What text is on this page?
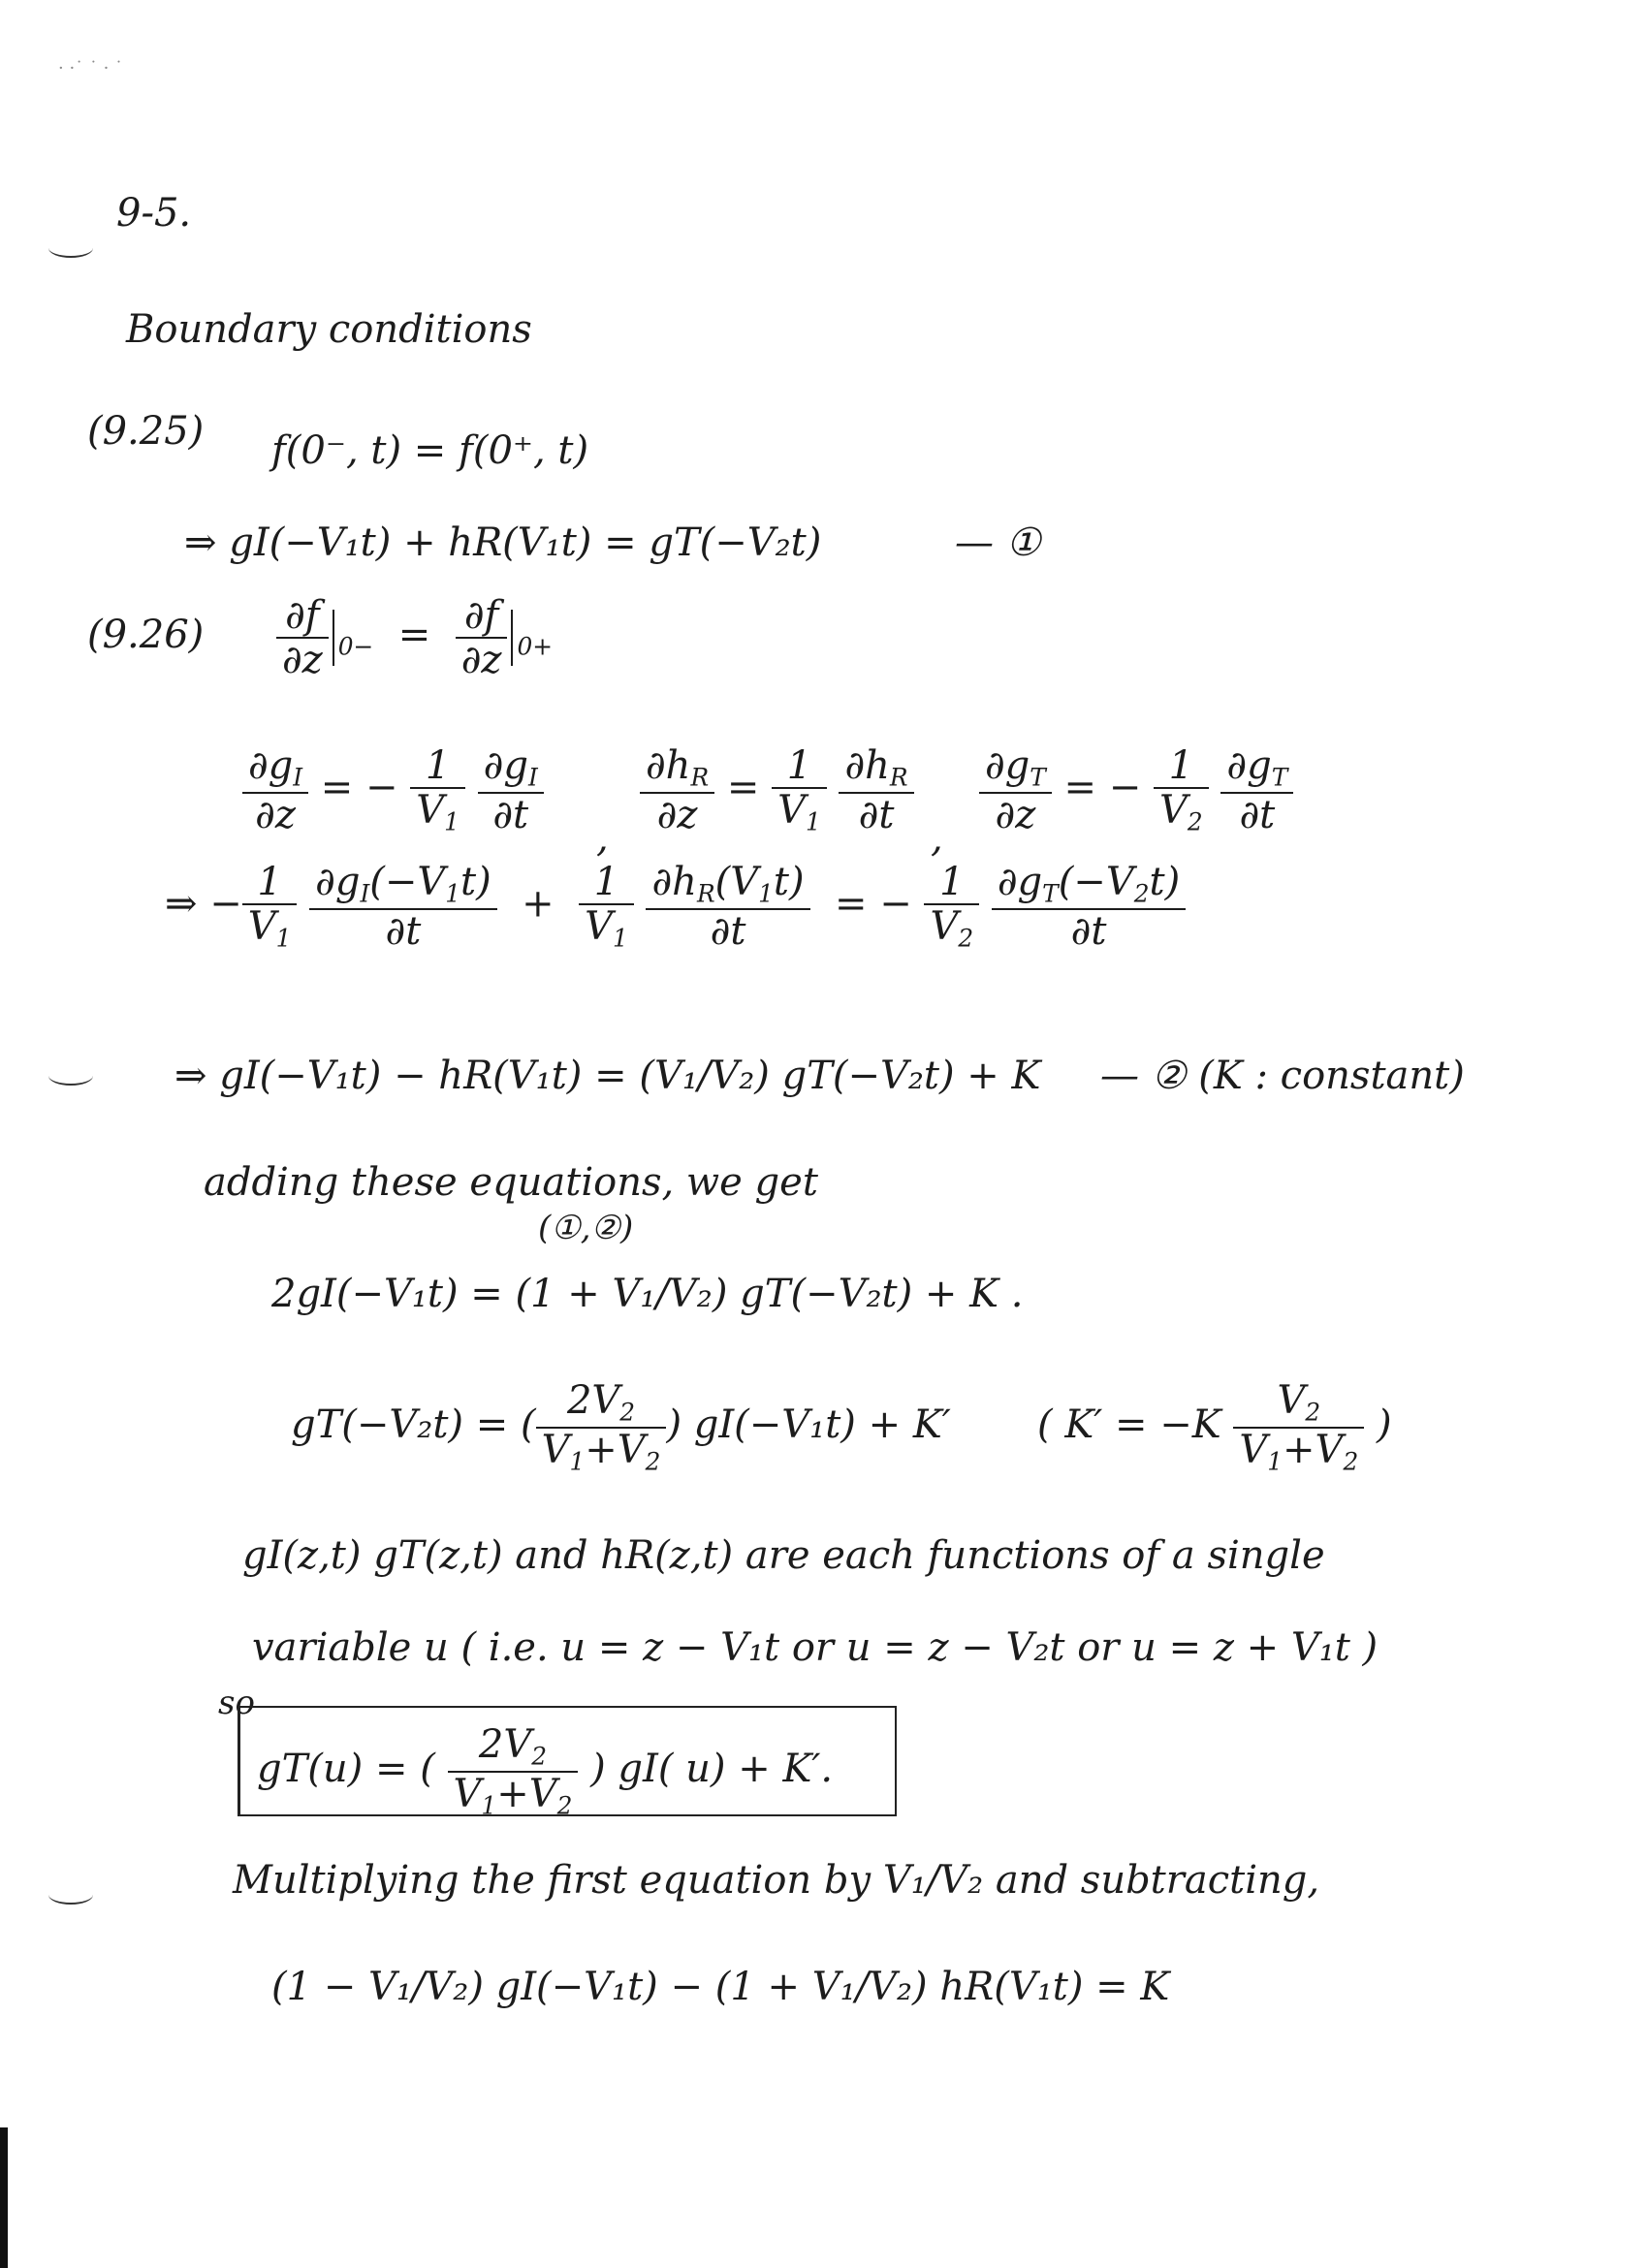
· ·˙ ˙ · ˙
9-5.
Boundary conditions
(9.25) f(0⁻, t) = f(0⁺, t)
⇒ gI(−V₁t) + hR(V₁t) = gT(−V₂t)	— ①
$(9.26) \frac{\partial f}{\partial z} _{0-} = \frac{\partial f}{\partial z} _{0+}$
$\frac{\partial g_I}{\partial z}$ = − $\frac{1}{V_1}$
$\frac{\partial g_I}{\partial t} \frac{\partial h_R}{\partial z} = \frac{1}{V_1}$
$\frac{\partial h_R}{\partial t} \frac{\partial g_T}{\partial z}$ = − $\frac{1}{V_2}$
$\frac{\partial g_T}{\partial t}$
,	,
⇒ − $\frac{1}{V_1}$
$\frac{\partial g_I(-V_1t)}{\partial t} + \frac{1}{V_1}$
$\frac{\partial h_R(V_1t)}{\partial t}$ = − $\frac{1}{V_2}$
$\frac{\partial g_T(-V_2t)}{\partial t}$
⇒ gI(−V₁t) − hR(V₁t) = (V₁/V₂) gT(−V₂t) + K — ② (K : constant)
adding these equations, we get
(①,②)
2gI(−V₁t) = (1 + V₁/V₂) gT(−V₂t) + K .
gT(−V₂t) = ( $\frac{2V_2}{V_1+V_2}$ ) gI(−V₁t) + K′ ( $K' = -K \frac{V_2}{V_1+V_2}$ )
gI(z,t) gT(z,t) and hR(z,t) are each functions of a single
variable u ( i.e. u = z − V₁t or u = z − V₂t or u = z + V₁t )
so
gT(u) = ( $\frac{2V_2}{V_1+V_2}$ ) gI( u) + K′.
Multiplying the first equation by V₁/V₂ and subtracting,
(1 − V₁/V₂) gI(−V₁t) − (1 + V₁/V₂) hR(V₁t) = K
